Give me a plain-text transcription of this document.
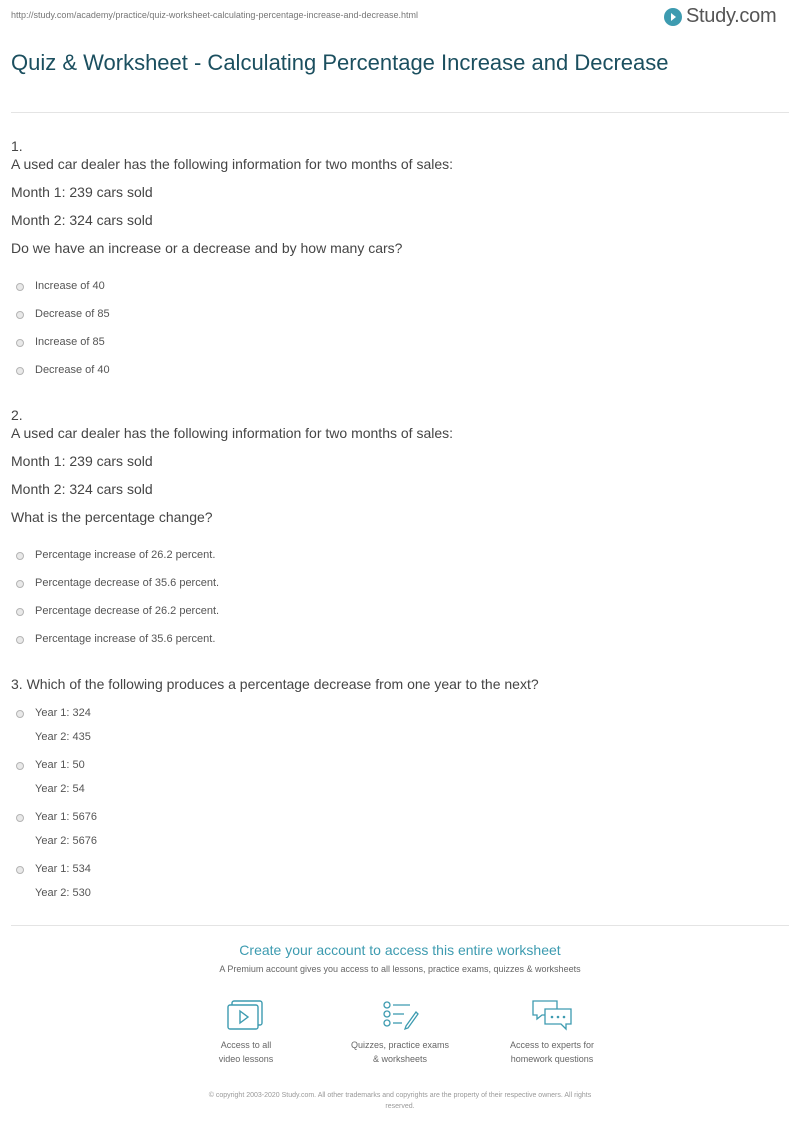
http://study.com/academy/practice/quiz-worksheet-calculating-percentage-increase-and-decrease.html	Study.com
Quiz & Worksheet - Calculating Percentage Increase and Decrease
1.
A used car dealer has the following information for two months of sales:
Month 1: 239 cars sold
Month 2: 324 cars sold
Do we have an increase or a decrease and by how many cars?
Increase of 40
Decrease of 85
Increase of 85
Decrease of 40
2.
A used car dealer has the following information for two months of sales:
Month 1: 239 cars sold
Month 2: 324 cars sold
What is the percentage change?
Percentage increase of 26.2 percent.
Percentage decrease of 35.6 percent.
Percentage decrease of 26.2 percent.
Percentage increase of 35.6 percent.
3. Which of the following produces a percentage decrease from one year to the next?
Year 1: 324
Year 2: 435
Year 1: 50
Year 2: 54
Year 1: 5676
Year 2: 5676
Year 1: 534
Year 2: 530
Create your account to access this entire worksheet
A Premium account gives you access to all lessons, practice exams, quizzes & worksheets
Access to all
video lessons
Quizzes, practice exams
& worksheets
Access to experts for
homework questions
© copyright 2003-2020 Study.com. All other trademarks and copyrights are the property of their respective owners. All rights
reserved.
